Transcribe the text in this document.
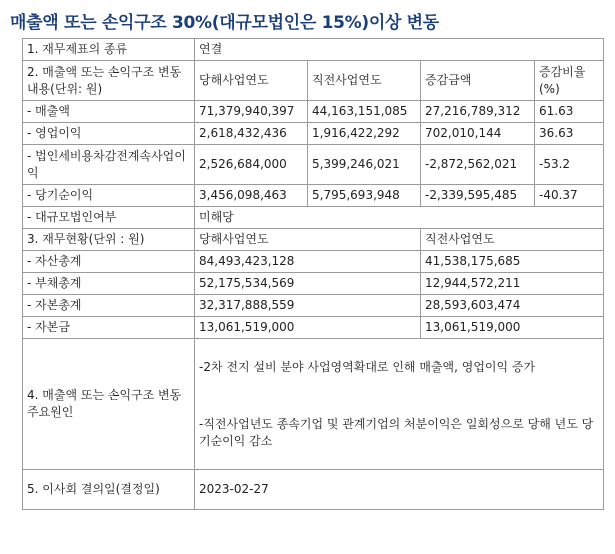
매출액 또는 손익구조 30%(대규모법인은 15%)이상 변동
1. 재무제표의 종류	연결			
2. 매출액 또는 손익구조 변동내용(단위: 원)	당해사업연도	직전사업연도	증감금액	증감비율(%)
- 매출액	71,379,940,397	44,163,151,085	27,216,789,312	61.63
- 영업이익	2,618,432,436	1,916,422,292	702,010,144	36.63
- 법인세비용차감전계속사업이익	2,526,684,000	5,399,246,021	-2,872,562,021	-53.2
- 당기순이익	3,456,098,463	5,795,693,948	-2,339,595,485	-40.37
- 대규모법인여부	미해당			
3. 재무현황(단위 : 원)	당해사업연도		직전사업연도	
- 자산총계	84,493,423,128		41,538,175,685	
- 부채총계	52,175,534,569		12,944,572,211	
- 자본총계	32,317,888,559		28,593,603,474	
- 자본금	13,061,519,000		13,061,519,000	
4. 매출액 또는 손익구조 변동 주요원인	-2차 전지 설비 분야 사업영역확대로 인해 매출액, 영업이익 증가
-직전사업년도 종속기업 및 관계기업의 처분이익은 일회성으로 당해 년도 당기순이익 감소			

5. 이사회 결의일(결정일)	2023-02-27			
